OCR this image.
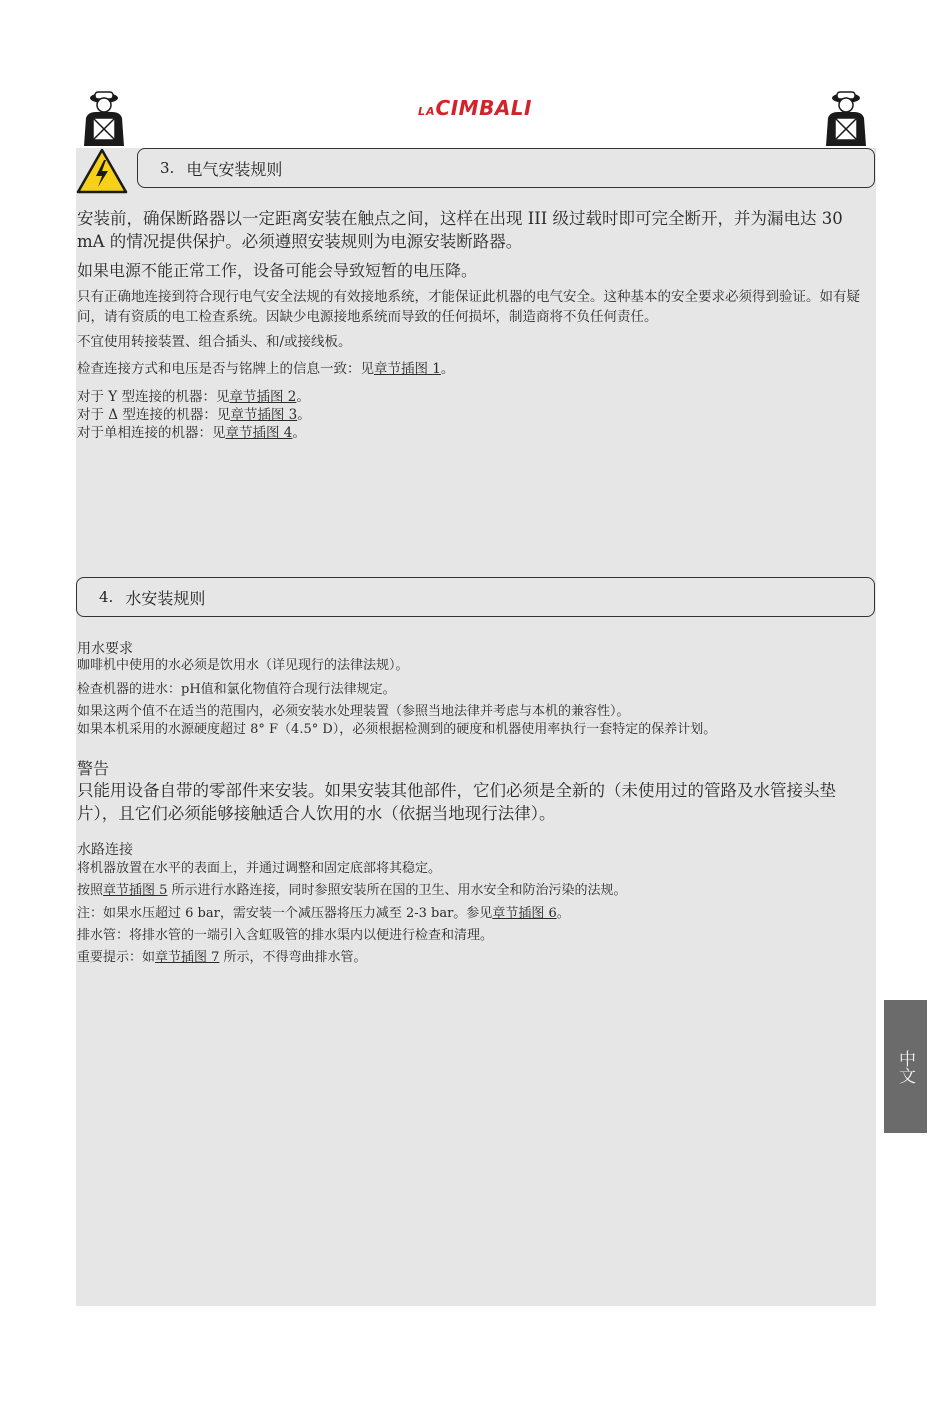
LACIMBALI
3. 电气安装规则

安装前，确保断路器以一定距离安装在触点之间，这样在出现 III 级过载时即可完全断开，并为漏电达 30 mA 的情况提供保护。必须遵照安装规则为电源安装断路器。

如果电源不能正常工作，设备可能会导致短暂的电压降。

只有正确地连接到符合现行电气安全法规的有效接地系统，才能保证此机器的电气安全。这种基本的安全要求必须得到验证。如有疑问，请有资质的电工检查系统。因缺少电源接地系统而导致的任何损坏，制造商将不负任何责任。

不宜使用转接装置、组合插头、和/或接线板。

检查连接方式和电压是否与铭牌上的信息一致：见章节插图 1。

对于 Y 型连接的机器：见章节插图 2。

对于 Δ 型连接的机器：见章节插图 3。

对于单相连接的机器：见章节插图 4。

4. 水安装规则

用水要求

咖啡机中使用的水必须是饮用水（详见现行的法律法规）。

检查机器的进水：pH值和氯化物值符合现行法律规定。

如果这两个值不在适当的范围内，必须安装水处理装置（参照当地法律并考虑与本机的兼容性）。

如果本机采用的水源硬度超过 8° F（4.5° D），必须根据检测到的硬度和机器使用率执行一套特定的保养计划。

警告

只能用设备自带的零部件来安装。如果安装其他部件，它们必须是全新的（未使用过的管路及水管接头垫片），且它们必须能够接触适合人饮用的水（依据当地现行法律）。

水路连接

将机器放置在水平的表面上，并通过调整和固定底部将其稳定。

按照章节插图 5 所示进行水路连接，同时参照安装所在国的卫生、用水安全和防治污染的法规。

注：如果水压超过 6 bar，需安装一个减压器将压力减至 2-3 bar。参见章节插图 6。

排水管：将排水管的一端引入含虹吸管的排水渠内以便进行检查和清理。

重要提示：如章节插图 7 所示，不得弯曲排水管。

中文
